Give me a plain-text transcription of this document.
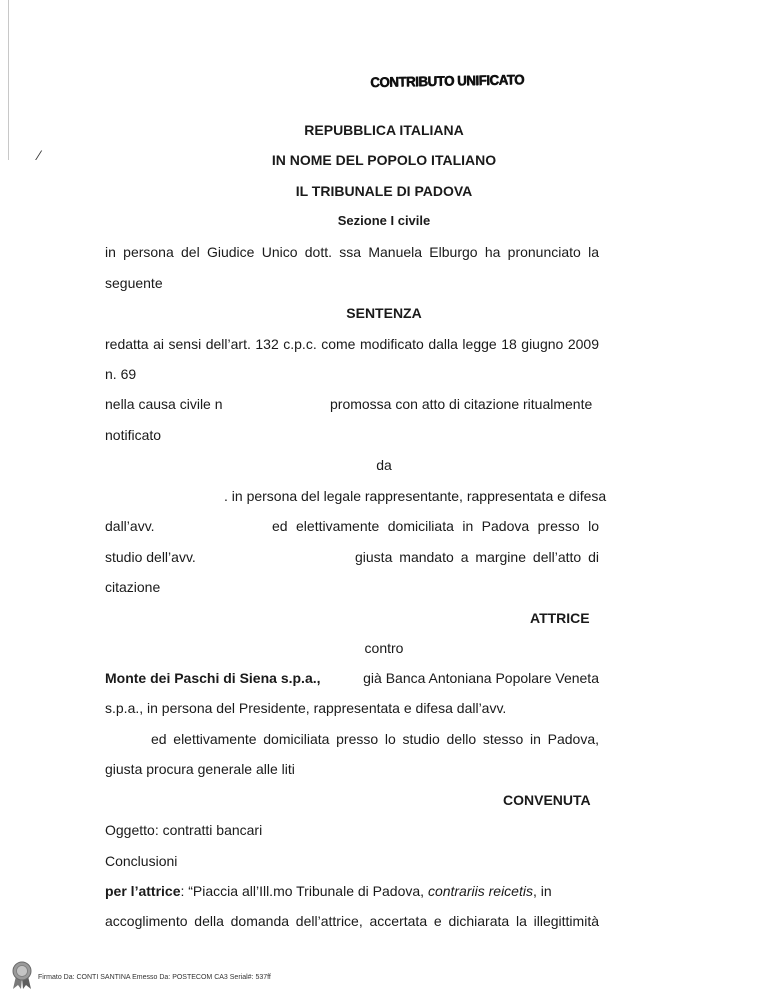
⁄
CONTRIBUTO UNIFICATO
REPUBBLICA ITALIANA
IN NOME DEL POPOLO ITALIANO
IL TRIBUNALE DI PADOVA
Sezione I civile
in persona del Giudice Unico dott. ssa Manuela Elburgo ha pronunciato la
seguente
SENTENZA
redatta ai sensi dell’art. 132 c.p.c. come modificato dalla legge 18 giugno 2009
n. 69
nella causa civile n	promossa con atto di citazione ritualmente
notificato
da
. in persona del legale rappresentante, rappresentata e difesa
dall’avv.	ed elettivamente domiciliata in Padova presso lo
studio dell’avv.	giusta mandato a margine dell’atto di
citazione
ATTRICE
contro
Monte dei Paschi di Siena s.p.a.,	già Banca Antoniana Popolare Veneta
s.p.a., in persona del Presidente, rappresentata e difesa dall’avv.
ed elettivamente domiciliata presso lo studio dello stesso in Padova,
giusta procura generale alle liti
CONVENUTA
Oggetto: contratti bancari
Conclusioni
per l’attrice: “Piaccia all’Ill.mo Tribunale di Padova, contrariis reicetis, in
accoglimento della domanda dell’attrice, accertata e dichiarata la illegittimità
Firmato Da: CONTI SANTINA Emesso Da: POSTECOM CA3 Serial#: 537ff
